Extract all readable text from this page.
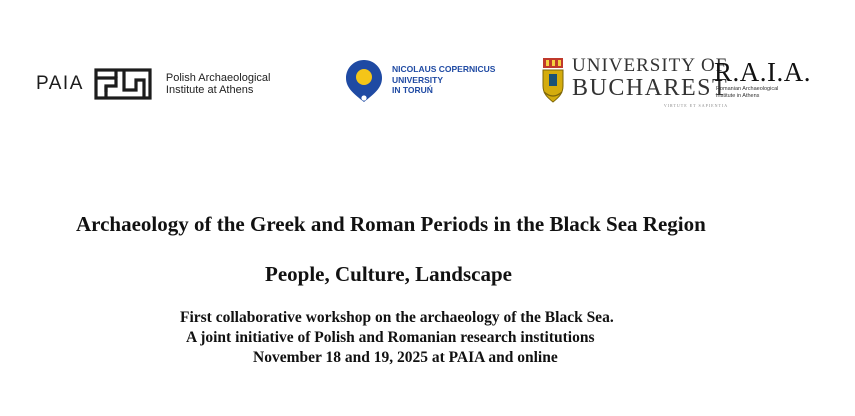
PAIA	Polish Archaeological
Institute at Athens
NICOLAUS COPERNICUS
UNIVERSITY
IN TORUŃ
UNIVERSITY OF
BUCHAREST
VIRTUTE ET SAPIENTIA
R.A.I.A.
Romanian Archaeological
Institute in Athens
Archaeology of the Greek and Roman Periods in the Black Sea Region
People, Culture, Landscape
First collaborative workshop on the archaeology of the Black Sea.
A joint initiative of Polish and Romanian research institutions
November 18 and 19, 2025 at PAIA and online
